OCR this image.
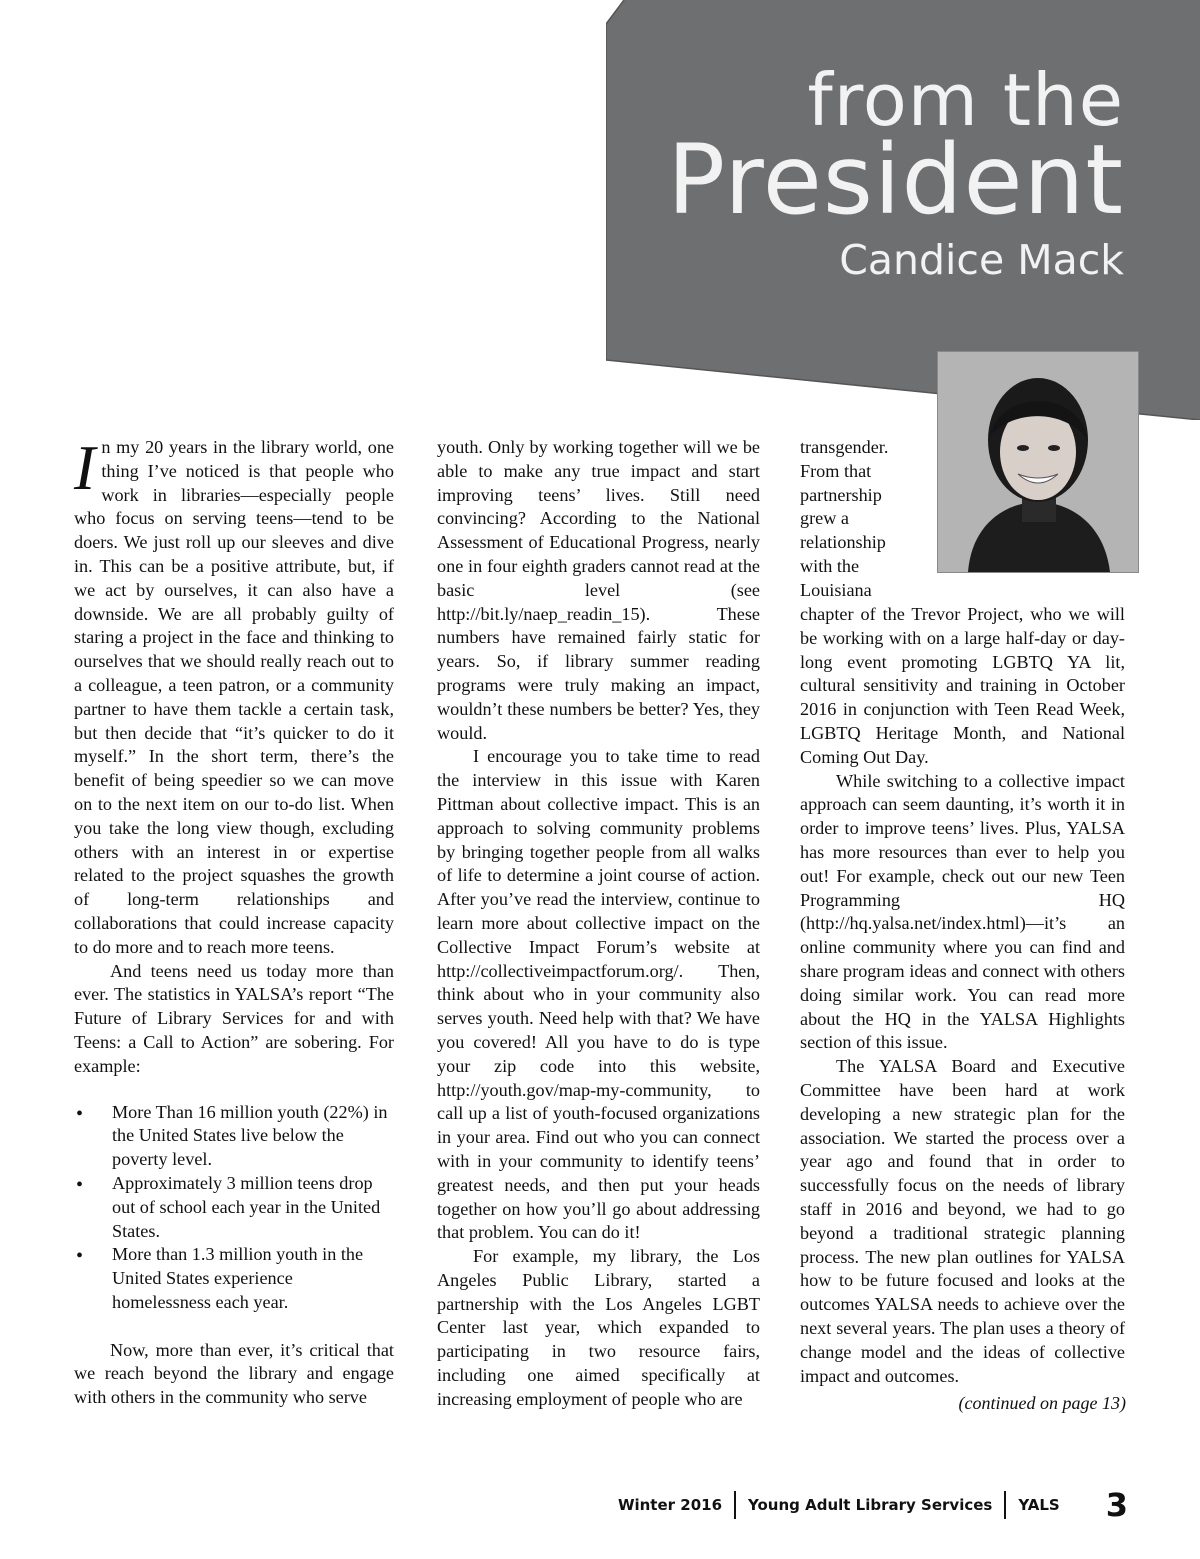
from the
President
Candice Mack

In my 20 years in the library world, one thing I’ve noticed is that people who work in libraries—especially people who focus on serving teens—tend to be doers. We just roll up our sleeves and dive in. This can be a positive attribute, but, if we act by ourselves, it can also have a downside. We are all probably guilty of staring a project in the face and thinking to ourselves that we should really reach out to a colleague, a teen patron, or a community partner to have them tackle a certain task, but then decide that “it’s quicker to do it myself.” In the short term, there’s the benefit of being speedier so we can move on to the next item on our to-do list. When you take the long view though, excluding others with an interest in or expertise related to the project squashes the growth of long-term relationships and collaborations that could increase capacity to do more and to reach more teens.

And teens need us today more than ever. The statistics in YALSA’s report “The Future of Library Services for and with Teens: a Call to Action” are sobering. For example:

• More Than 16 million youth (22%) in the United States live below the poverty level.
• Approximately 3 million teens drop out of school each year in the United States.
• More than 1.3 million youth in the United States experience homelessness each year.

Now, more than ever, it’s critical that we reach beyond the library and engage with others in the community who serve

youth. Only by working together will we be able to make any true impact and start improving teens’ lives. Still need convincing? According to the National Assessment of Educational Progress, nearly one in four eighth graders cannot read at the basic level (see http://bit.ly/naep_readin_15). These numbers have remained fairly static for years. So, if library summer reading programs were truly making an impact, wouldn’t these numbers be better? Yes, they would.

I encourage you to take time to read the interview in this issue with Karen Pittman about collective impact. This is an approach to solving community problems by bringing together people from all walks of life to determine a joint course of action. After you’ve read the interview, continue to learn more about collective impact on the Collective Impact Forum’s website at http://collectiveimpactforum.org/. Then, think about who in your community also serves youth. Need help with that? We have you covered! All you have to do is type your zip code into this website, http://youth.gov/map-my-community, to call up a list of youth-focused organizations in your area. Find out who you can connect with in your community to identify teens’ greatest needs, and then put your heads together on how you’ll go about addressing that problem. You can do it!

For example, my library, the Los Angeles Public Library, started a partnership with the Los Angeles LGBT Center last year, which expanded to participating in two resource fairs, including one aimed specifically at increasing employment of people who are

transgender. From that partnership grew a relationship with the Louisiana

chapter of the Trevor Project, who we will be working with on a large half-day or day-long event promoting LGBTQ YA lit, cultural sensitivity and training in October 2016 in conjunction with Teen Read Week, LGBTQ Heritage Month, and National Coming Out Day.

While switching to a collective impact approach can seem daunting, it’s worth it in order to improve teens’ lives. Plus, YALSA has more resources than ever to help you out! For example, check out our new Teen Programming HQ (http://hq.yalsa.net/index.html)—it’s an online community where you can find and share program ideas and connect with others doing similar work. You can read more about the HQ in the YALSA Highlights section of this issue.

The YALSA Board and Executive Committee have been hard at work developing a new strategic plan for the association. We started the process over a year ago and found that in order to successfully focus on the needs of library staff in 2016 and beyond, we had to go beyond a traditional strategic planning process. The new plan outlines for YALSA how to be future focused and looks at the outcomes YALSA needs to achieve over the next several years. The plan uses a theory of change model and the ideas of collective impact and outcomes.

(continued on page 13)
Winter 2016 Young Adult Library Services YALS 3
